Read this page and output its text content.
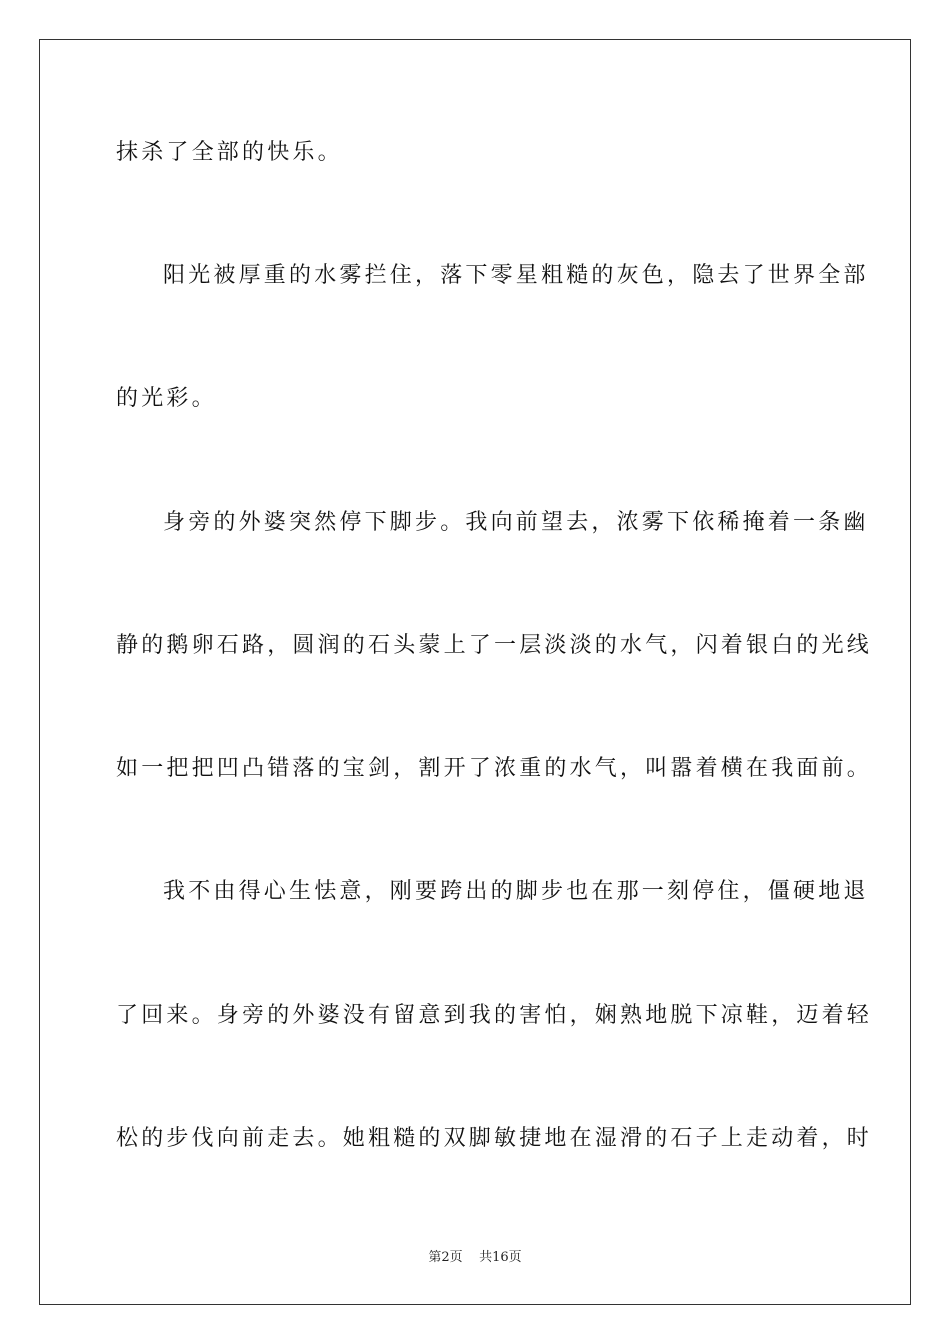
抹杀了全部的快乐。
阳光被厚重的水雾拦住，落下零星粗糙的灰色，隐去了世界全部
的光彩。
身旁的外婆突然停下脚步。我向前望去，浓雾下依稀掩着一条幽
静的鹅卵石路，圆润的石头蒙上了一层淡淡的水气，闪着银白的光线
如一把把凹凸错落的宝剑，割开了浓重的水气，叫嚣着横在我面前。
我不由得心生怯意，刚要跨出的脚步也在那一刻停住，僵硬地退
了回来。身旁的外婆没有留意到我的害怕，娴熟地脱下凉鞋，迈着轻
松的步伐向前走去。她粗糙的双脚敏捷地在湿滑的石子上走动着，时
第2页 共16页
